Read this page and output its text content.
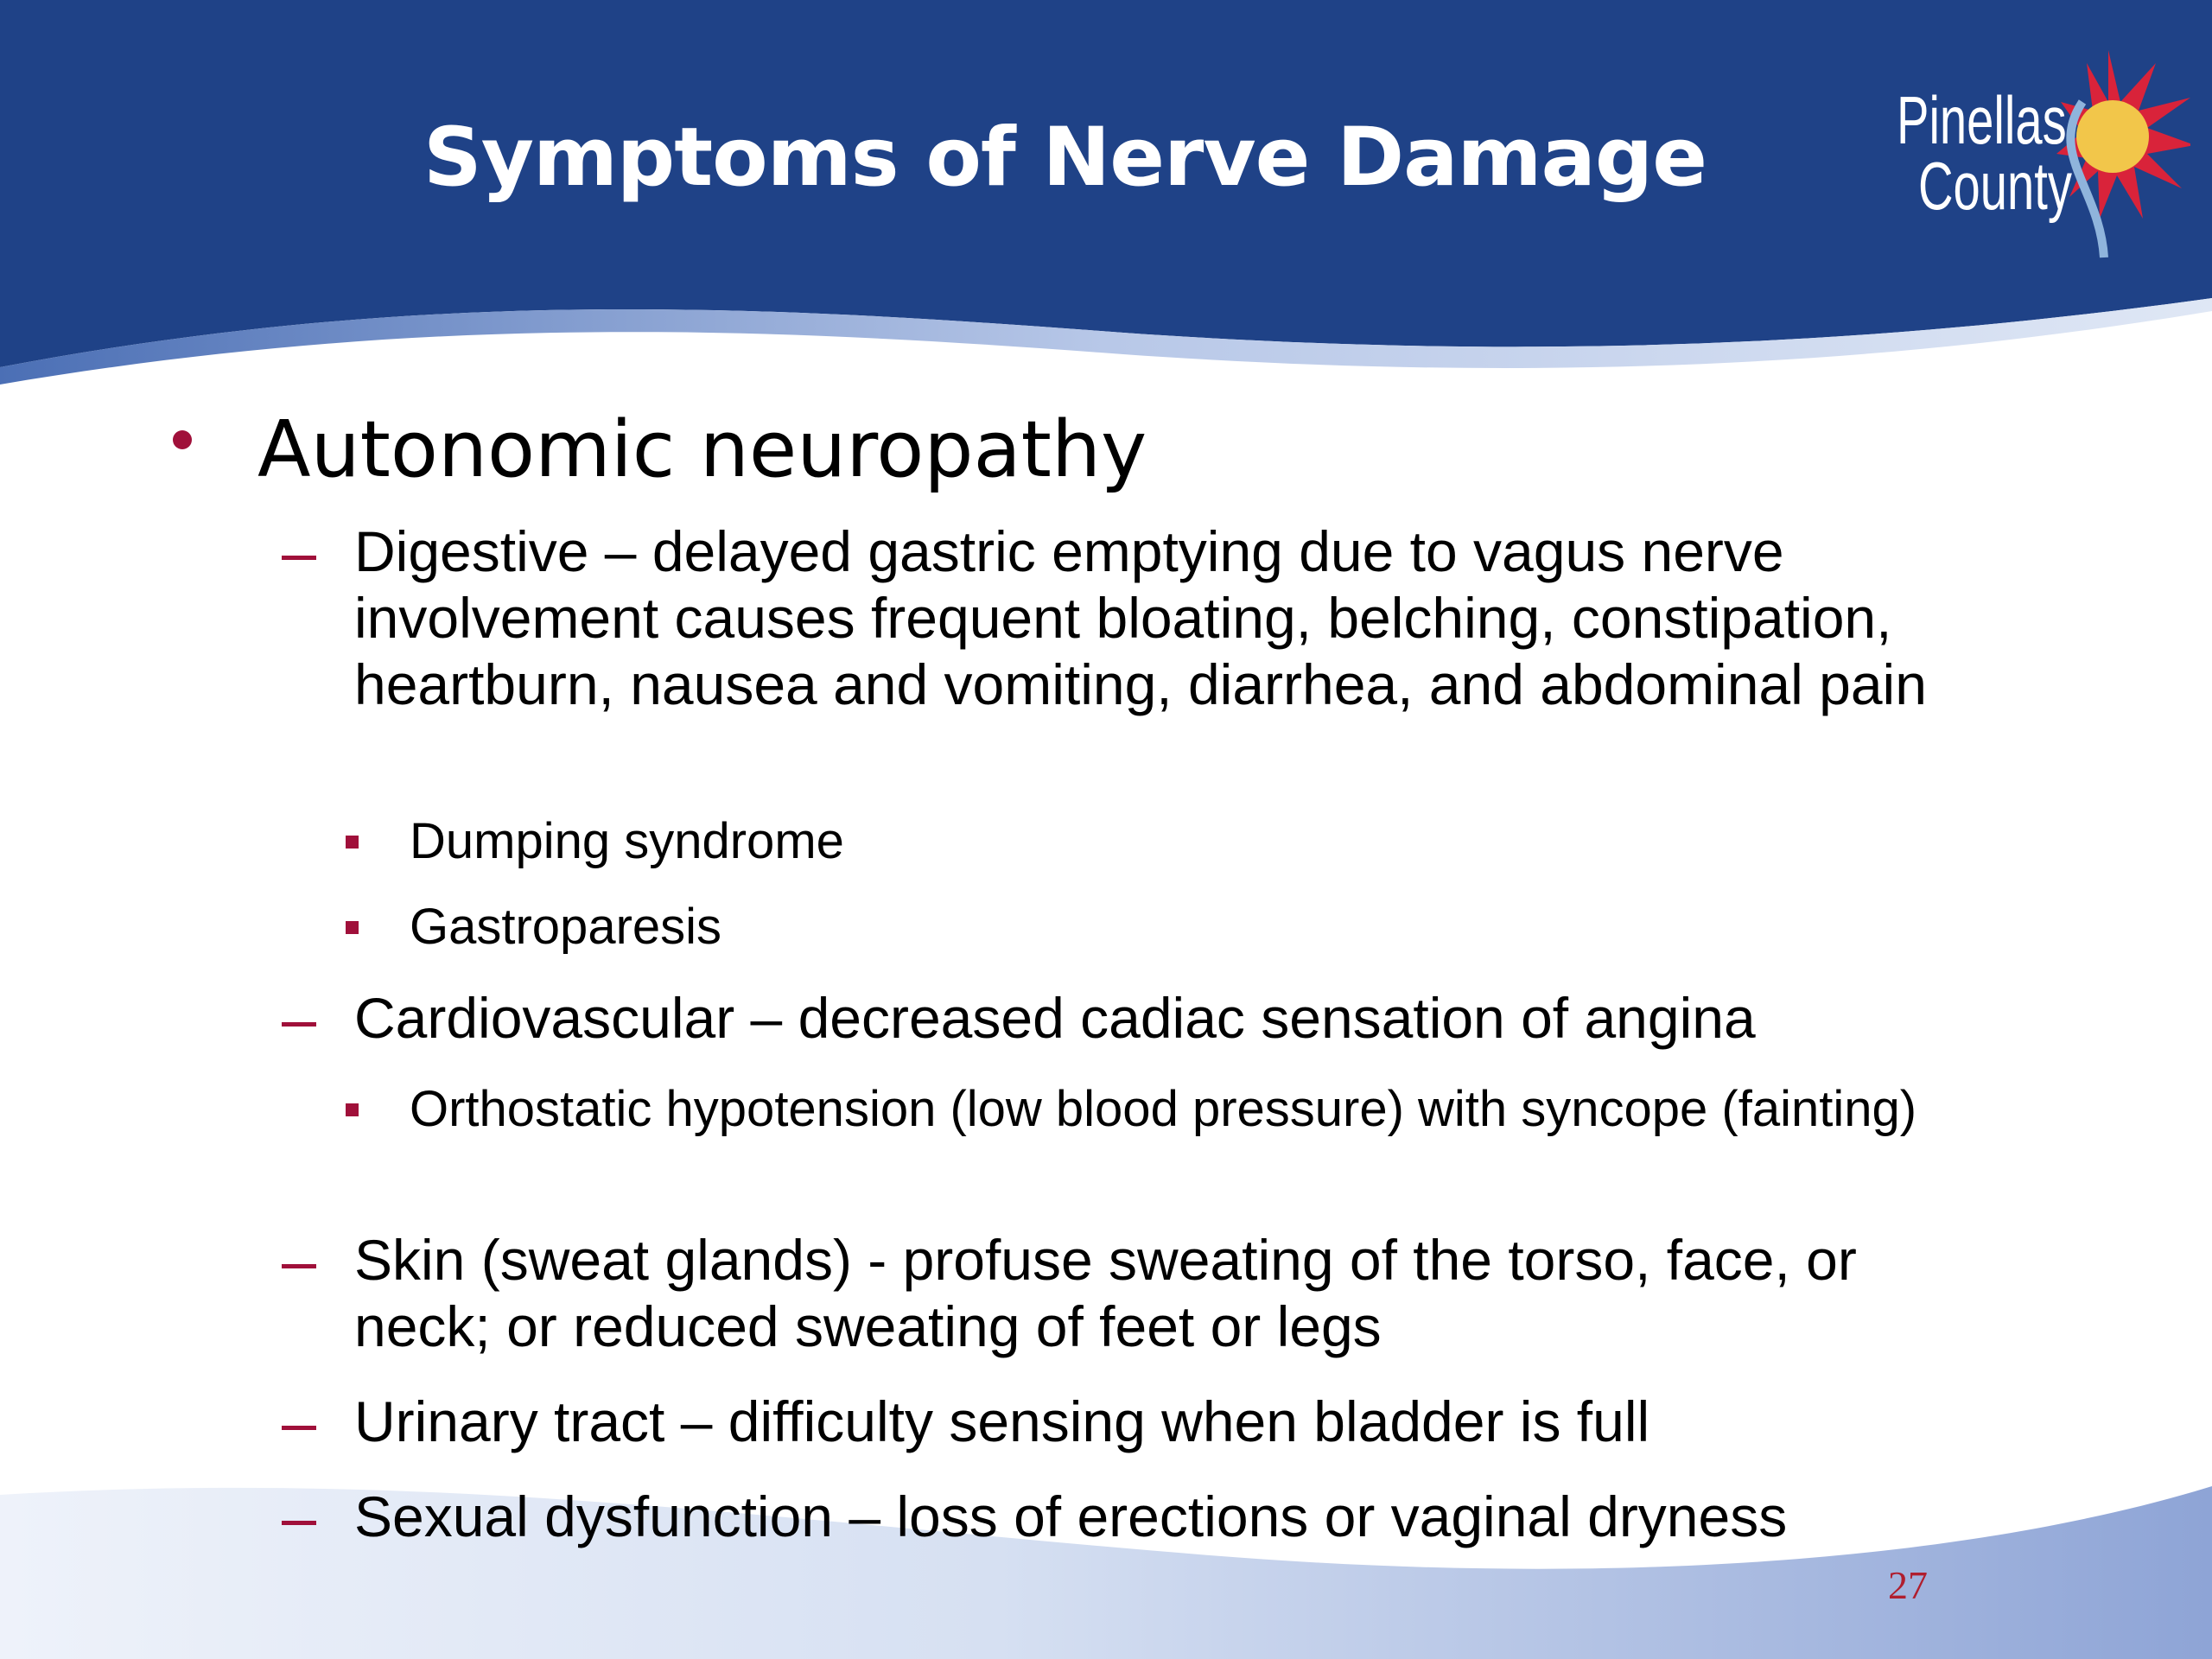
Symptoms of Nerve Damage	Pinellas
County
Autonomic neuropathy
Digestive – delayed gastric emptying due to vagus nerve involvement causes frequent bloating, belching, constipation, heartburn, nausea and vomiting, diarrhea, and abdominal pain
Dumping syndrome
Gastroparesis
Cardiovascular – decreased cadiac sensation of angina
Orthostatic hypotension (low blood pressure) with syncope (fainting)
Skin (sweat glands) - profuse sweating of the torso, face, or neck; or reduced sweating of feet or legs
Urinary tract – difficulty sensing when bladder is full
Sexual dysfunction – loss of erections or vaginal dryness
27
